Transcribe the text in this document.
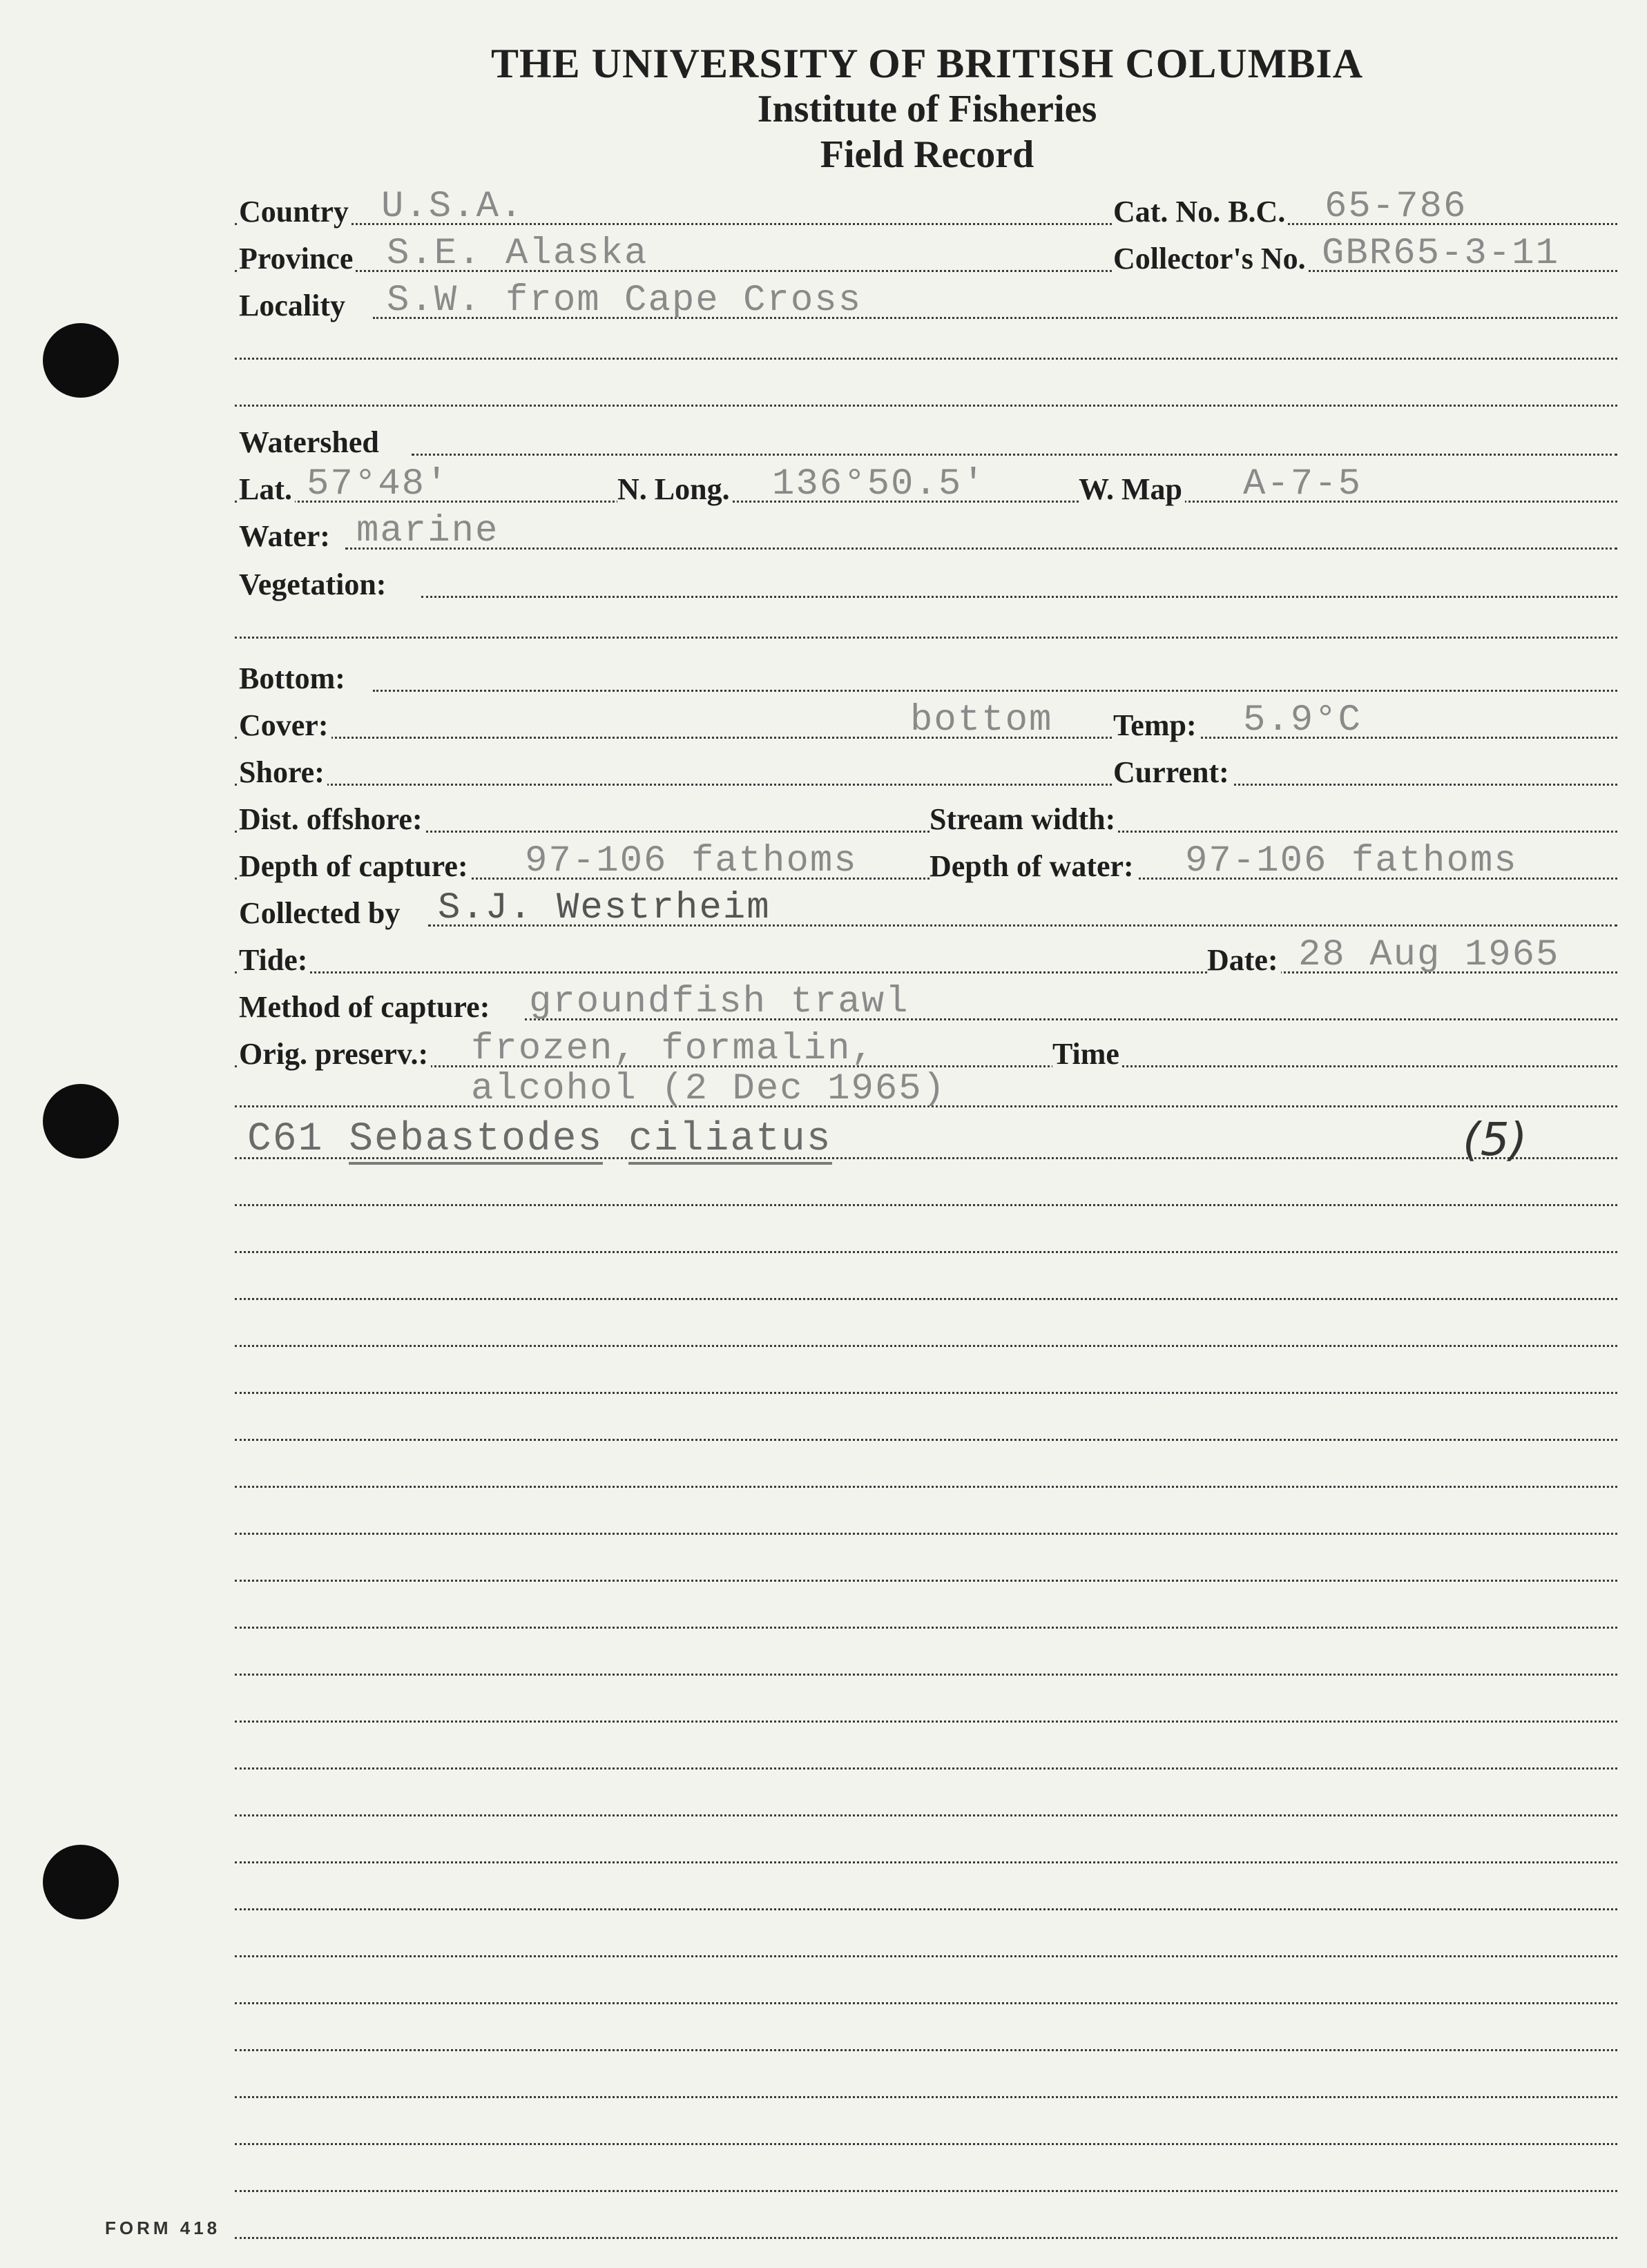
THE UNIVERSITY OF BRITISH COLUMBIA
Institute of Fisheries
Field Record
Country U.S.A.	Cat. No. B.C. 65-786
Province S.E. Alaska	Collector's No. GBR65-3-11
Locality S.W. from Cape Cross
Watershed
Lat. 57°48'	N. Long. 136°50.5'	W. Map A-7-5
Water: marine
Vegetation:
Bottom:
Cover:	bottom Temp: 5.9°C
Shore:	Current:
Dist. offshore:	Stream width:
Depth of capture: 97-106 fathoms Depth of water: 97-106 fathoms
Collected by S.J. Westrheim
Tide:	Date: 28 Aug 1965
Method of capture: groundfish trawl
Orig. preserv.: frozen, formalin,	Time
alcohol (2 Dec 1965)
C61 Sebastodes ciliatus	(5)
FORM 418
